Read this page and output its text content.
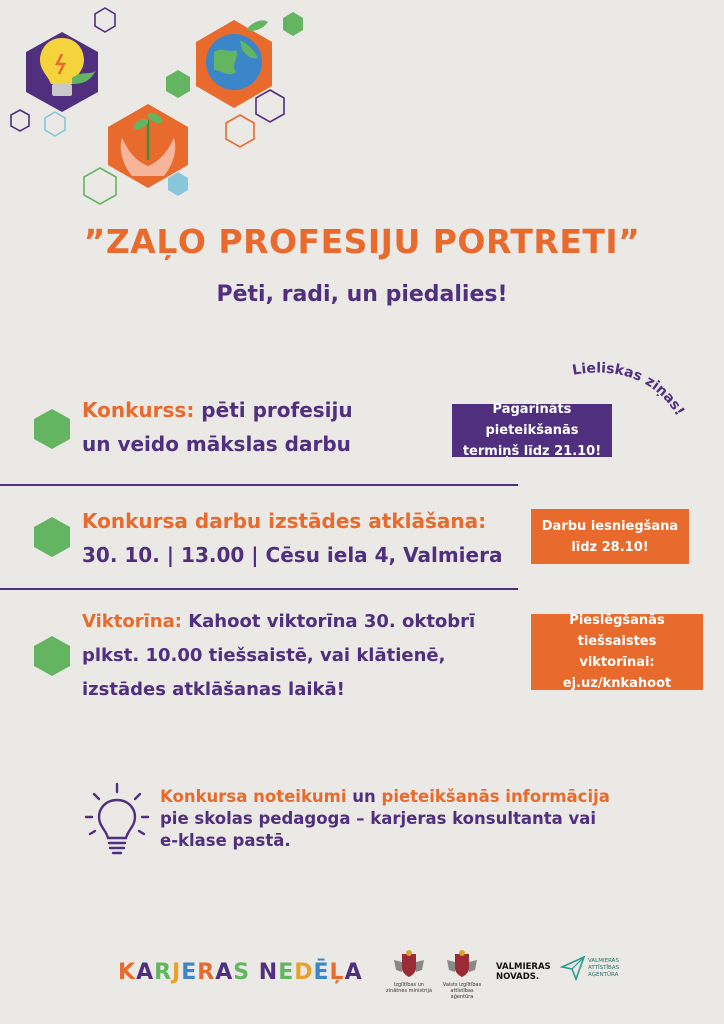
”ZAĻO PROFESIJU PORTRETI”
Pēti, radi, un piedalies!
Lieliskas ziņas!
Konkurss: pēti profesiju
un veido mākslas darbu
Pagarināts pieteikšanās
termiņš līdz 21.10!
Konkursa darbu izstādes atklāšana:
30. 10. | 13.00 | Cēsu iela 4, Valmiera
Darbu iesniegšana
līdz 28.10!
Viktorīna: Kahoot viktorīna 30. oktobrī
plkst. 10.00 tiešsaistē, vai klātienē,
izstādes atklāšanas laikā!
Pieslēgšanās tiešsaistes
viktorīnai:
ej.uz/knkahoot
Konkursa noteikumi un pieteikšanās informācija
pie skolas pedagoga – karjeras konsultanta vai
e-klase pastā.
KARJERAS NEDĒĻA	Izglītības un zinātnes ministrija
Valsts izglītības attīstības aģentūra
VALMIERAS
NOVADS.
VALMIERAS
ATTĪSTĪBAS
AĢENTŪRA
